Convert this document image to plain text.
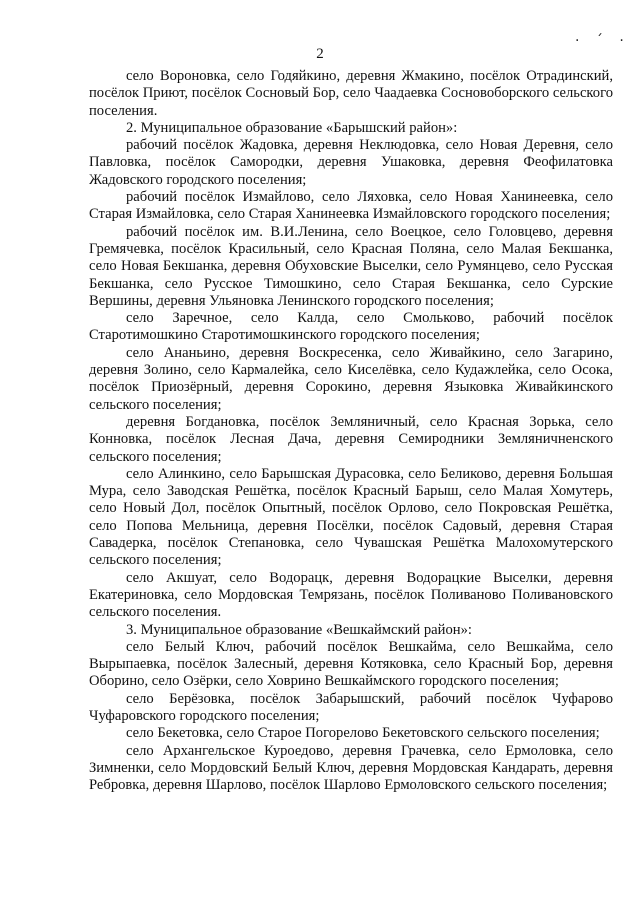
· ´ ·
2

село Вороновка, село Годяйкино, деревня Жмакино, посёлок Отрадинский, посёлок Приют, посёлок Сосновый Бор, село Чаадаевка Сосновоборского сельского поселения.

2. Муниципальное образование «Барышский район»:

рабочий посёлок Жадовка, деревня Неклюдовка, село Новая Деревня, село Павловка, посёлок Самородки, деревня Ушаковка, деревня Феофилатовка Жадовского городского поселения;

рабочий посёлок Измайлово, село Ляховка, село Новая Ханинеевка, село Старая Измайловка, село Старая Ханинеевка Измайловского городского поселения;

рабочий посёлок им. В.И.Ленина, село Воецкое, село Головцево, деревня Гремячевка, посёлок Красильный, село Красная Поляна, село Малая Бекшанка, село Новая Бекшанка, деревня Обуховские Выселки, село Румянцево, село Русская Бекшанка, село Русское Тимошкино, село Старая Бекшанка, село Сурские Вершины, деревня Ульяновка Ленинского городского поселения;

село Заречное, село Калда, село Смольково, рабочий посёлок Старотимошкино Старотимошкинского городского поселения;

село Ананьино, деревня Воскресенка, село Живайкино, село Загарино, деревня Золино, село Кармалейка, село Киселёвка, село Кудажлейка, село Осока, посёлок Приозёрный, деревня Сорокино, деревня Языковка Живайкинского сельского поселения;

деревня Богдановка, посёлок Земляничный, село Красная Зорька, село Конновка, посёлок Лесная Дача, деревня Семиродники Земляничненского сельского поселения;

село Алинкино, село Барышская Дурасовка, село Беликово, деревня Большая Мура, село Заводская Решётка, посёлок Красный Барыш, село Малая Хомутерь, село Новый Дол, посёлок Опытный, посёлок Орлово, село Покровская Решётка, село Попова Мельница, деревня Посёлки, посёлок Садовый, деревня Старая Савадерка, посёлок Степановка, село Чувашская Решётка Малохомутерского сельского поселения;

село Акшуат, село Водорацк, деревня Водорацкие Выселки, деревня Екатериновка, село Мордовская Темрязань, посёлок Поливаново Поливановского сельского поселения.

3. Муниципальное образование «Вешкаймский район»:

село Белый Ключ, рабочий посёлок Вешкайма, село Вешкайма, село Вырыпаевка, посёлок Залесный, деревня Котяковка, село Красный Бор, деревня Оборино, село Озёрки, село Ховрино Вешкаймского городского поселения;

село Берёзовка, посёлок Забарышский, рабочий посёлок Чуфарово Чуфаровского городского поселения;

село Бекетовка, село Старое Погорелово Бекетовского сельского поселения;

село Архангельское Куроедово, деревня Грачевка, село Ермоловка, село Зимненки, село Мордовский Белый Ключ, деревня Мордовская Кандарать, деревня Ребровка, деревня Шарлово, посёлок Шарлово Ермоловского сельского поселения;
